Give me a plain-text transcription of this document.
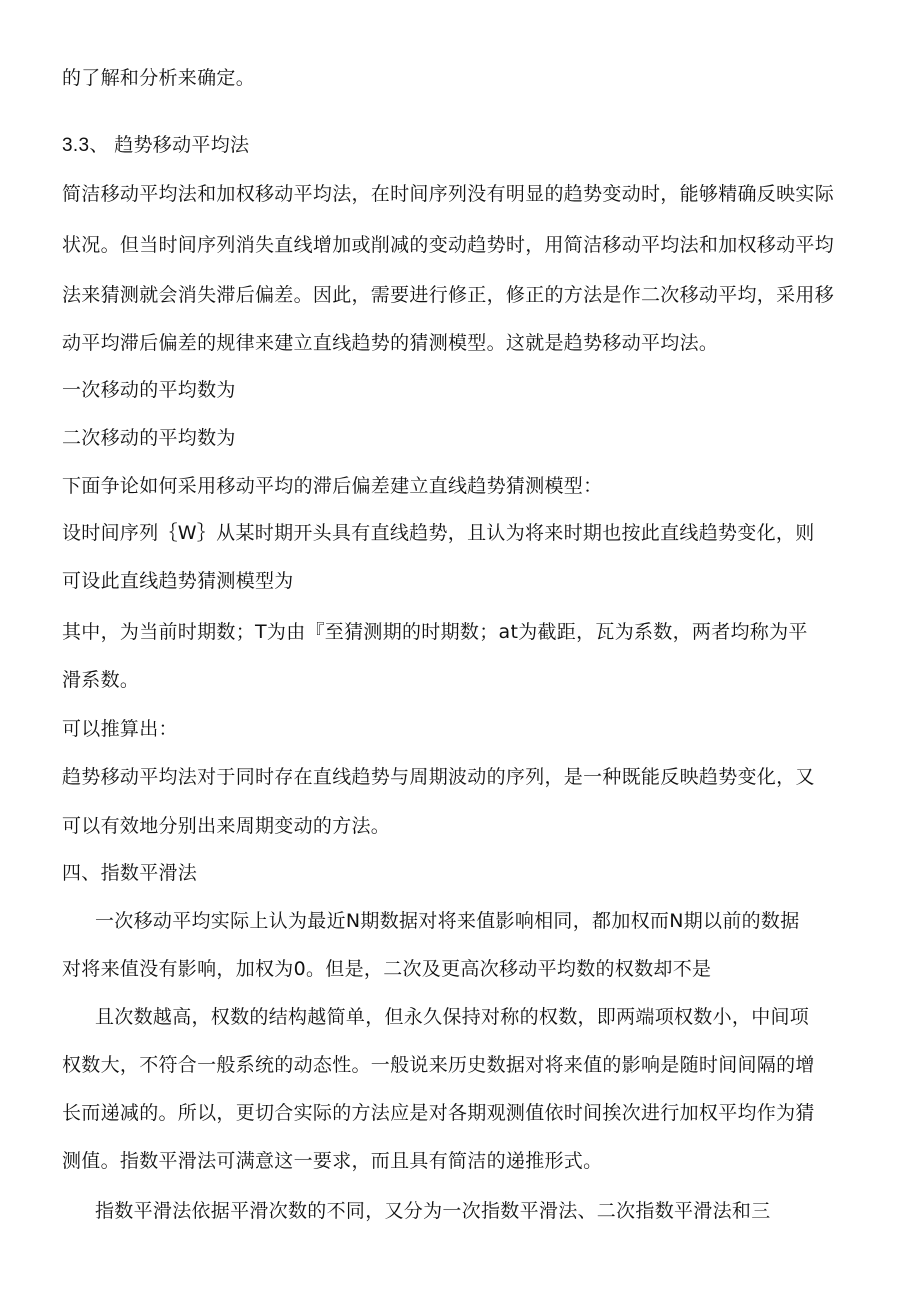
的了解和分析来确定。
3.3、 趋势移动平均法
简洁移动平均法和加权移动平均法，在时间序列没有明显的趋势变动时，能够精确反映实际
状况。但当时间序列消失直线增加或削减的变动趋势时，用简洁移动平均法和加权移动平均
法来猜测就会消失滞后偏差。因此，需要进行修正，修正的方法是作二次移动平均，采用移
动平均滞后偏差的规律来建立直线趋势的猜测模型。这就是趋势移动平均法。
一次移动的平均数为
二次移动的平均数为
下面争论如何采用移动平均的滞后偏差建立直线趋势猜测模型：
设时间序列｛W｝从某时期开头具有直线趋势，且认为将来时期也按此直线趋势变化，则
可设此直线趋势猜测模型为
其中，为当前时期数；T为由『至猜测期的时期数；at为截距，瓦为系数，两者均称为平
滑系数。
可以推算出：
趋势移动平均法对于同时存在直线趋势与周期波动的序列，是一种既能反映趋势变化，又
可以有效地分别出来周期变动的方法。
四、指数平滑法
一次移动平均实际上认为最近N期数据对将来值影响相同，都加权而N期以前的数据
对将来值没有影响，加权为0。但是，二次及更高次移动平均数的权数却不是
且次数越高，权数的结构越简单，但永久保持对称的权数，即两端项权数小，中间项
权数大，不符合一般系统的动态性。一般说来历史数据对将来值的影响是随时间间隔的增
长而递减的。所以，更切合实际的方法应是对各期观测值依时间挨次进行加权平均作为猜
测值。指数平滑法可满意这一要求，而且具有简洁的递推形式。
指数平滑法依据平滑次数的不同，又分为一次指数平滑法、二次指数平滑法和三
